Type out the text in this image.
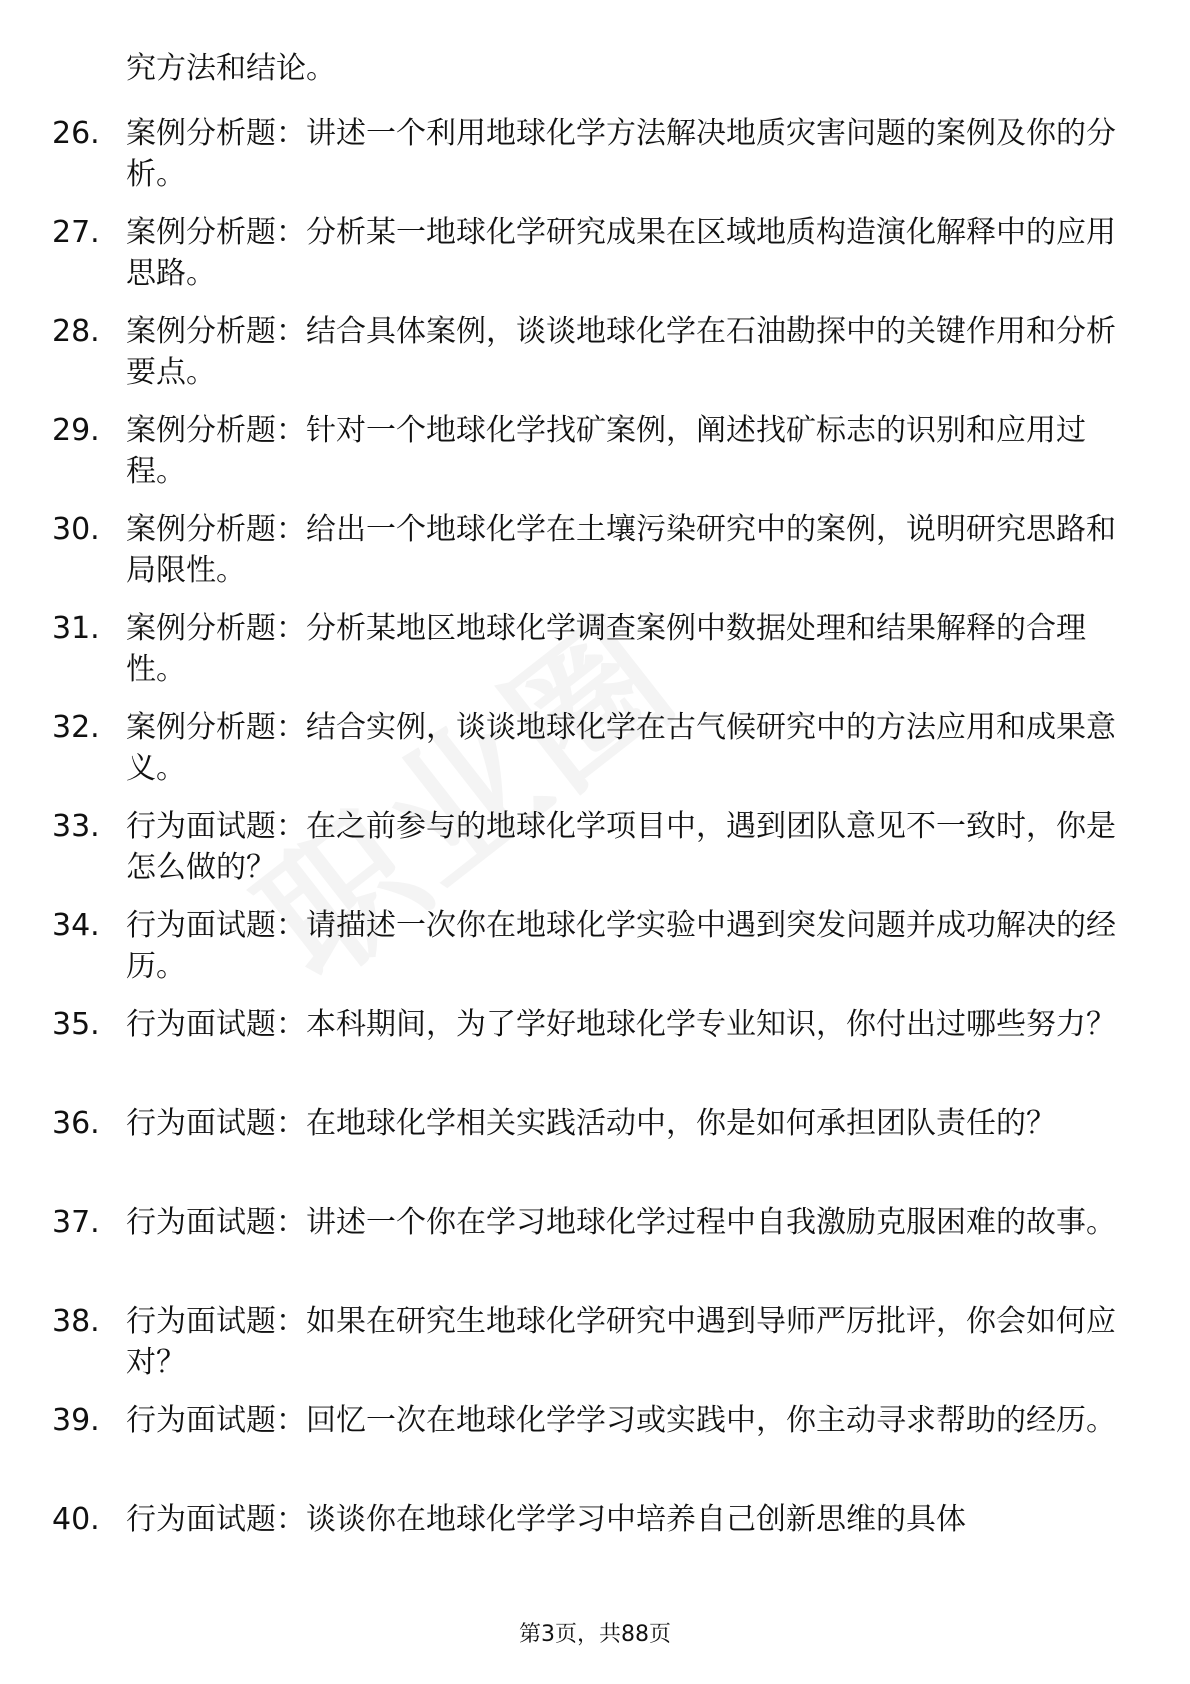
究方法和结论。
26. 案例分析题：讲述一个利用地球化学方法解决地质灾害问题的案例及你的分析。
27. 案例分析题：分析某一地球化学研究成果在区域地质构造演化解释中的应用思路。
28. 案例分析题：结合具体案例，谈谈地球化学在石油勘探中的关键作用和分析要点。
29. 案例分析题：针对一个地球化学找矿案例，阐述找矿标志的识别和应用过程。
30. 案例分析题：给出一个地球化学在土壤污染研究中的案例，说明研究思路和局限性。
31. 案例分析题：分析某地区地球化学调查案例中数据处理和结果解释的合理性。
32. 案例分析题：结合实例，谈谈地球化学在古气候研究中的方法应用和成果意义。
33. 行为面试题：在之前参与的地球化学项目中，遇到团队意见不一致时，你是怎么做的？
34. 行为面试题：请描述一次你在地球化学实验中遇到突发问题并成功解决的经历。
35. 行为面试题：本科期间，为了学好地球化学专业知识，你付出过哪些努力？
36. 行为面试题：在地球化学相关实践活动中，你是如何承担团队责任的？
37. 行为面试题：讲述一个你在学习地球化学过程中自我激励克服困难的故事。
38. 行为面试题：如果在研究生地球化学研究中遇到导师严厉批评，你会如何应对？
39. 行为面试题：回忆一次在地球化学学习或实践中，你主动寻求帮助的经历。
40. 行为面试题：谈谈你在地球化学学习中培养自己创新思维的具体
第3页，共88页
